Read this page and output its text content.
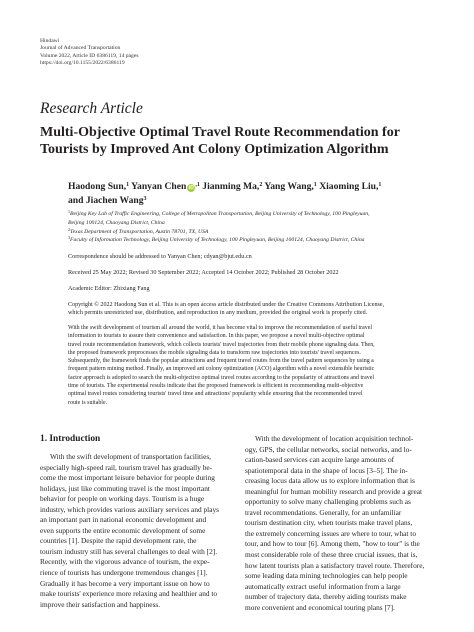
Hindawi
Journal of Advanced Transportation
Volume 2022, Article ID 6386119, 14 pages
https://doi.org/10.1155/2022/6386119
Research Article
Multi-Objective Optimal Travel Route Recommendation for
Tourists by Improved Ant Colony Optimization Algorithm
Haodong Sun,$^1$ Yanyan Chen iD $^{,1}$ Jianming Ma,$^2$ Yang Wang,$^1$ Xiaoming Liu,$^1$
and Jiachen Wang$^3$
$^1$Beijing Key Lab of Traffic Engineering, College of Metropolitan Transportation, Beijing University of Technology, 100 Pingleyuan,
Beijing 100124, Chaoyang District, China
$^2$Texas Department of Transportation, Austin 78701, TX, USA
$^3$Faculty of Information Technology, Beijing University of Technology, 100 Pingleyuan, Beijing 100124, Chaoyang District, China
Correspondence should be addressed to Yanyan Chen; cdyan@bjut.edu.cn
Received 25 May 2022; Revised 30 September 2022; Accepted 14 October 2022; Published 28 October 2022
Academic Editor: Zhixiang Fang
Copyright © 2022 Haodong Sun et al. This is an open access article distributed under the Creative Commons Attribution License,
which permits unrestricted use, distribution, and reproduction in any medium, provided the original work is properly cited.
With the swift development of tourism all around the world, it has become vital to improve the recommendation of useful travel
information to tourists to assure their convenience and satisfaction. In this paper, we propose a novel multi-objective optimal
travel route recommendation framework, which collects tourists' travel trajectories from their mobile phone signaling data. Then,
the proposed framework preprocesses the mobile signaling data to transform raw trajectories into tourists' travel sequences.
Subsequently, the framework finds the popular attractions and frequent travel routes from the travel pattern sequences by using a
frequent pattern mining method. Finally, an improved ant colony optimization (ACO) algorithm with a novel extensible heuristic
factor approach is adopted to search the multi-objective optimal travel routes according to the popularity of attractions and travel
time of tourists. The experimental results indicate that the proposed framework is efficient in recommending multi-objective
optimal travel routes considering tourists' travel time and attractions' popularity while ensuring that the recommended travel
route is suitable.
1. Introduction
With the swift development of transportation facilities,
especially high-speed rail, tourism travel has gradually be-
come the most important leisure behavior for people during
holidays, just like commuting travel is the most important
behavior for people on working days. Tourism is a huge
industry, which provides various auxiliary services and plays
an important part in national economic development and
even supports the entire economic development of some
countries [1]. Despite the rapid development rate, the
tourism industry still has several challenges to deal with [2].
Recently, with the vigorous advance of tourism, the expe-
rience of tourists has undergone tremendous changes [1].
Gradually it has become a very important issue on how to
make tourists' experience more relaxing and healthier and to
improve their satisfaction and happiness.
With the development of location acquisition technol-
ogy, GPS, the cellular networks, social networks, and lo-
cation-based services can acquire large amounts of
spatiotemporal data in the shape of locus [3–5]. The in-
creasing locus data allow us to explore information that is
meaningful for human mobility research and provide a great
opportunity to solve many challenging problems such as
travel recommendations. Generally, for an unfamiliar
tourism destination city, when tourists make travel plans,
the extremely concerning issues are where to tour, what to
tour, and how to tour [6]. Among them, "how to tour" is the
most considerable role of these three crucial issues, that is,
how latent tourists plan a satisfactory travel route. Therefore,
some leading data mining technologies can help people
automatically extract useful information from a large
number of trajectory data, thereby aiding tourists make
more convenient and economical touring plans [7].
